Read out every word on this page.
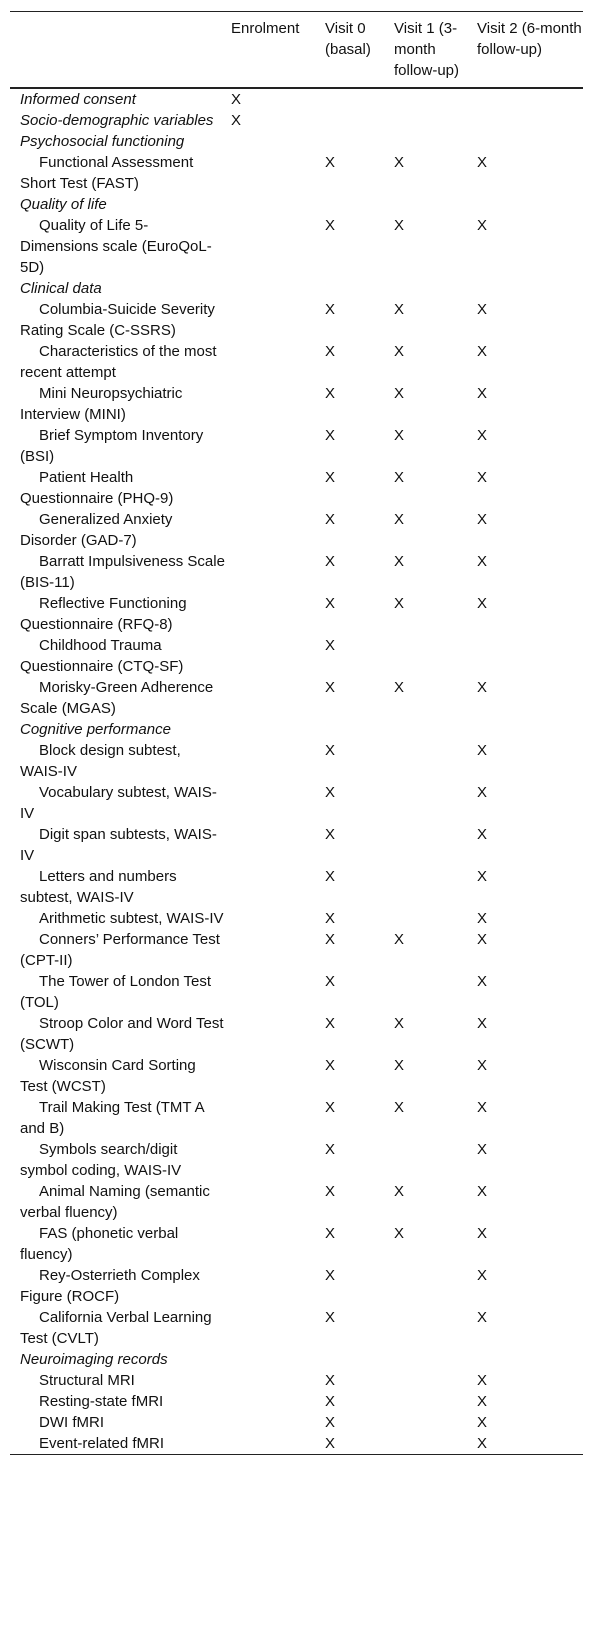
	Enrolment	Visit 0 (basal)	Visit 1 (3-month follow-up)	Visit 2 (6-month follow-up)
Informed consent	X			
Socio-demographic variables	X			
Psychosocial functioning				

Functional Assessment Short Test (FAST)		X	X	X
Quality of life				

Quality of Life 5-Dimensions scale (EuroQoL-5D)		X	X	X
Clinical data				

Columbia-Suicide Severity Rating Scale (C-SSRS)		X	X	X

Characteristics of the most recent attempt		X	X	X

Mini Neuropsychiatric Interview (MINI)		X	X	X

Brief Symptom Inventory (BSI)		X	X	X

Patient Health Questionnaire (PHQ-9)		X	X	X

Generalized Anxiety Disorder (GAD-7)		X	X	X

Barratt Impulsiveness Scale (BIS-11)		X	X	X

Reflective Functioning Questionnaire (RFQ-8)		X	X	X

Childhood Trauma Questionnaire (CTQ-SF)		X		

Morisky-Green Adherence Scale (MGAS)		X	X	X
Cognitive performance				

Block design subtest, WAIS-IV		X		X

Vocabulary subtest, WAIS-IV		X		X

Digit span subtests, WAIS-IV		X		X

Letters and numbers subtest, WAIS-IV		X		X

Arithmetic subtest, WAIS-IV		X		X

Conners’ Performance Test (CPT-II)		X	X	X

The Tower of London Test (TOL)		X		X

Stroop Color and Word Test (SCWT)		X	X	X

Wisconsin Card Sorting Test (WCST)		X	X	X

Trail Making Test (TMT A and B)		X	X	X

Symbols search/digit symbol coding, WAIS-IV		X		X

Animal Naming (semantic verbal fluency)		X	X	X

FAS (phonetic verbal fluency)		X	X	X

Rey-Osterrieth Complex Figure (ROCF)		X		X

California Verbal Learning Test (CVLT)		X		X
Neuroimaging records				

Structural MRI		X		X

Resting-state fMRI		X		X

DWI fMRI		X		X

Event-related fMRI		X		X
